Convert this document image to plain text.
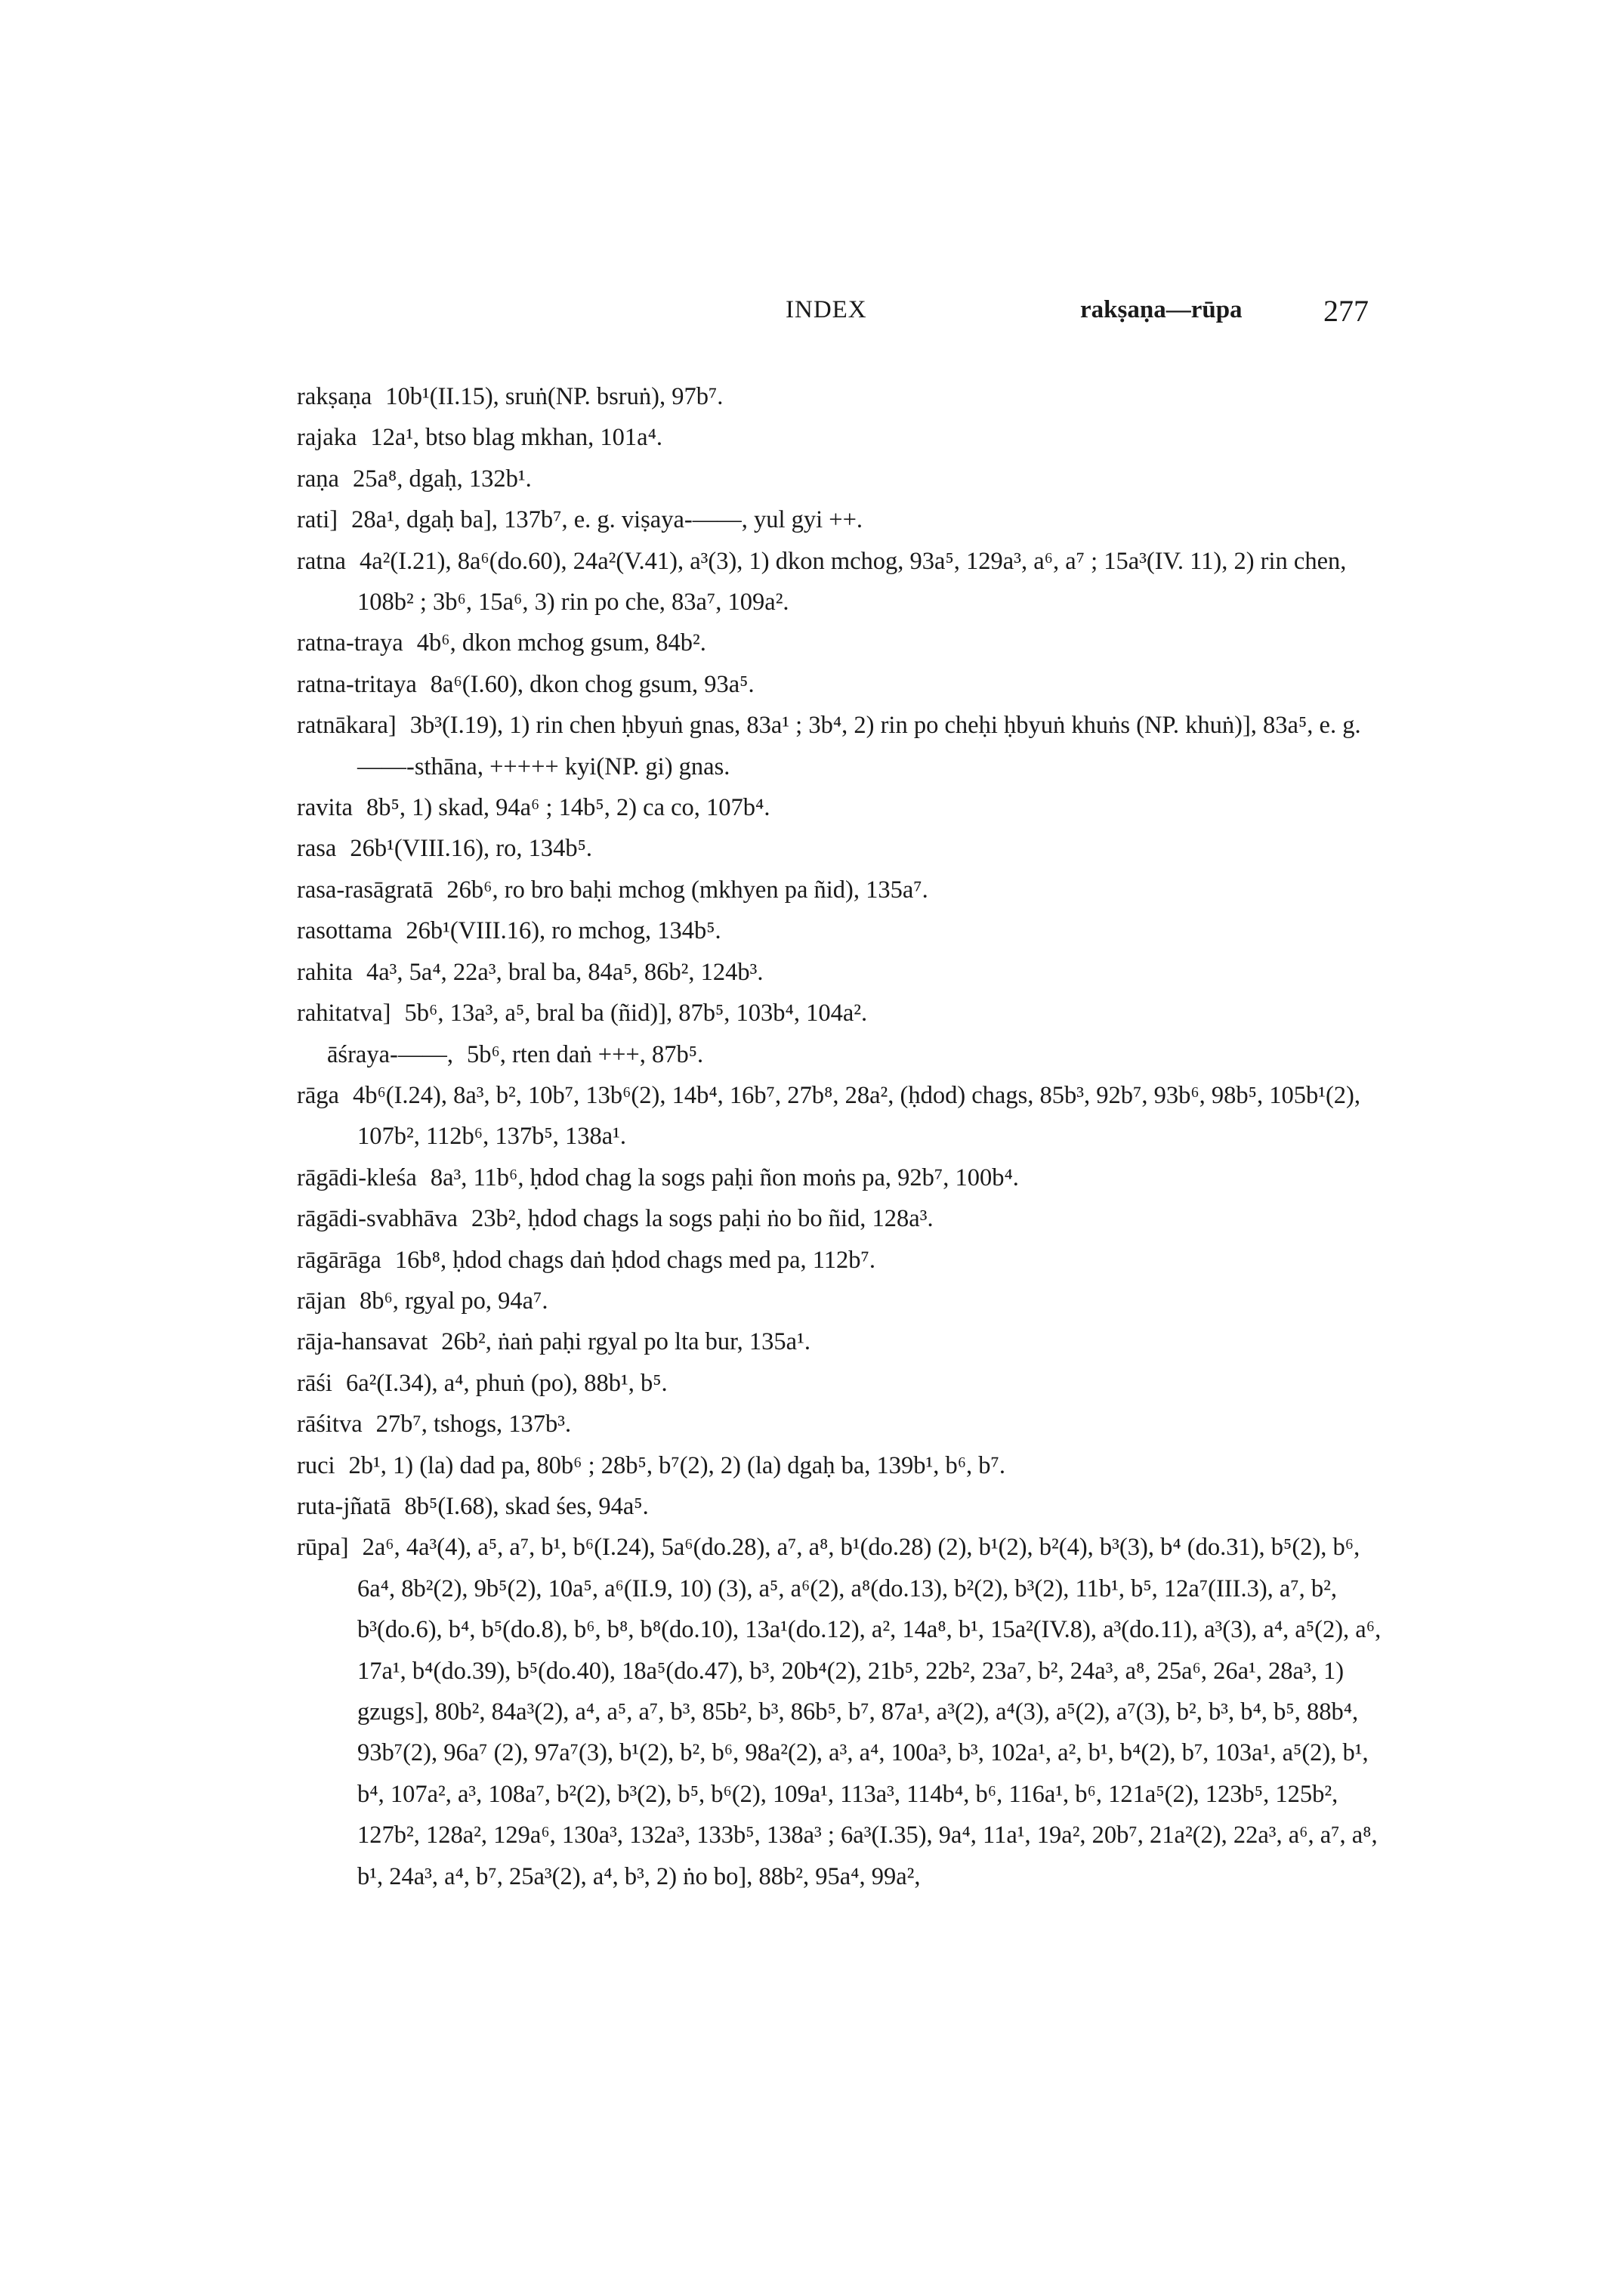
INDEX	rakṣaṇa—rūpa	277

rakṣaṇa 10b¹(II.15), sruṅ(NP. bsruṅ), 97b⁷.

rajaka 12a¹, btso blag mkhan, 101a⁴.

raṇa 25a⁸, dgaḥ, 132b¹.

rati] 28a¹, dgaḥ ba], 137b⁷, e. g. viṣaya-——, yul gyi ++.

ratna 4a²(I.21), 8a⁶(do.60), 24a²(V.41), a³(3), 1) dkon mchog, 93a⁵, 129a³, a⁶, a⁷ ; 15a³(IV. 11), 2) rin chen, 108b² ; 3b⁶, 15a⁶, 3) rin po che, 83a⁷, 109a².

ratna-traya 4b⁶, dkon mchog gsum, 84b².

ratna-tritaya 8a⁶(I.60), dkon chog gsum, 93a⁵.

ratnākara] 3b³(I.19), 1) rin chen ḥbyuṅ gnas, 83a¹ ; 3b⁴, 2) rin po cheḥi ḥbyuṅ khuṅs (NP. khuṅ)], 83a⁵, e. g. ——-sthāna, +++++ kyi(NP. gi) gnas.

ravita 8b⁵, 1) skad, 94a⁶ ; 14b⁵, 2) ca co, 107b⁴.

rasa 26b¹(VIII.16), ro, 134b⁵.

rasa-rasāgratā 26b⁶, ro bro baḥi mchog (mkhyen pa ñid), 135a⁷.

rasottama 26b¹(VIII.16), ro mchog, 134b⁵.

rahita 4a³, 5a⁴, 22a³, bral ba, 84a⁵, 86b², 124b³.

rahitatva] 5b⁶, 13a³, a⁵, bral ba (ñid)], 87b⁵, 103b⁴, 104a².

āśraya-——, 5b⁶, rten daṅ +++, 87b⁵.

rāga 4b⁶(I.24), 8a³, b², 10b⁷, 13b⁶(2), 14b⁴, 16b⁷, 27b⁸, 28a², (ḥdod) chags, 85b³, 92b⁷, 93b⁶, 98b⁵, 105b¹(2), 107b², 112b⁶, 137b⁵, 138a¹.

rāgādi-kleśa 8a³, 11b⁶, ḥdod chag la sogs paḥi ñon moṅs pa, 92b⁷, 100b⁴.

rāgādi-svabhāva 23b², ḥdod chags la sogs paḥi ṅo bo ñid, 128a³.

rāgārāga 16b⁸, ḥdod chags daṅ ḥdod chags med pa, 112b⁷.

rājan 8b⁶, rgyal po, 94a⁷.

rāja-hansavat 26b², ṅaṅ paḥi rgyal po lta bur, 135a¹.

rāśi 6a²(I.34), a⁴, phuṅ (po), 88b¹, b⁵.

rāśitva 27b⁷, tshogs, 137b³.

ruci 2b¹, 1) (la) dad pa, 80b⁶ ; 28b⁵, b⁷(2), 2) (la) dgaḥ ba, 139b¹, b⁶, b⁷.

ruta-jñatā 8b⁵(I.68), skad śes, 94a⁵.

rūpa] 2a⁶, 4a³(4), a⁵, a⁷, b¹, b⁶(I.24), 5a⁶(do.28), a⁷, a⁸, b¹(do.28) (2), b¹(2), b²(4), b³(3), b⁴ (do.31), b⁵(2), b⁶, 6a⁴, 8b²(2), 9b⁵(2), 10a⁵, a⁶(II.9, 10) (3), a⁵, a⁶(2), a⁸(do.13), b²(2), b³(2), 11b¹, b⁵, 12a⁷(III.3), a⁷, b², b³(do.6), b⁴, b⁵(do.8), b⁶, b⁸, b⁸(do.10), 13a¹(do.12), a², 14a⁸, b¹, 15a²(IV.8), a³(do.11), a³(3), a⁴, a⁵(2), a⁶, 17a¹, b⁴(do.39), b⁵(do.40), 18a⁵(do.47), b³, 20b⁴(2), 21b⁵, 22b², 23a⁷, b², 24a³, a⁸, 25a⁶, 26a¹, 28a³, 1) gzugs], 80b², 84a³(2), a⁴, a⁵, a⁷, b³, 85b², b³, 86b⁵, b⁷, 87a¹, a³(2), a⁴(3), a⁵(2), a⁷(3), b², b³, b⁴, b⁵, 88b⁴, 93b⁷(2), 96a⁷ (2), 97a⁷(3), b¹(2), b², b⁶, 98a²(2), a³, a⁴, 100a³, b³, 102a¹, a², b¹, b⁴(2), b⁷, 103a¹, a⁵(2), b¹, b⁴, 107a², a³, 108a⁷, b²(2), b³(2), b⁵, b⁶(2), 109a¹, 113a³, 114b⁴, b⁶, 116a¹, b⁶, 121a⁵(2), 123b⁵, 125b², 127b², 128a², 129a⁶, 130a³, 132a³, 133b⁵, 138a³ ; 6a³(I.35), 9a⁴, 11a¹, 19a², 20b⁷, 21a²(2), 22a³, a⁶, a⁷, a⁸, b¹, 24a³, a⁴, b⁷, 25a³(2), a⁴, b³, 2) ṅo bo], 88b², 95a⁴, 99a²,
